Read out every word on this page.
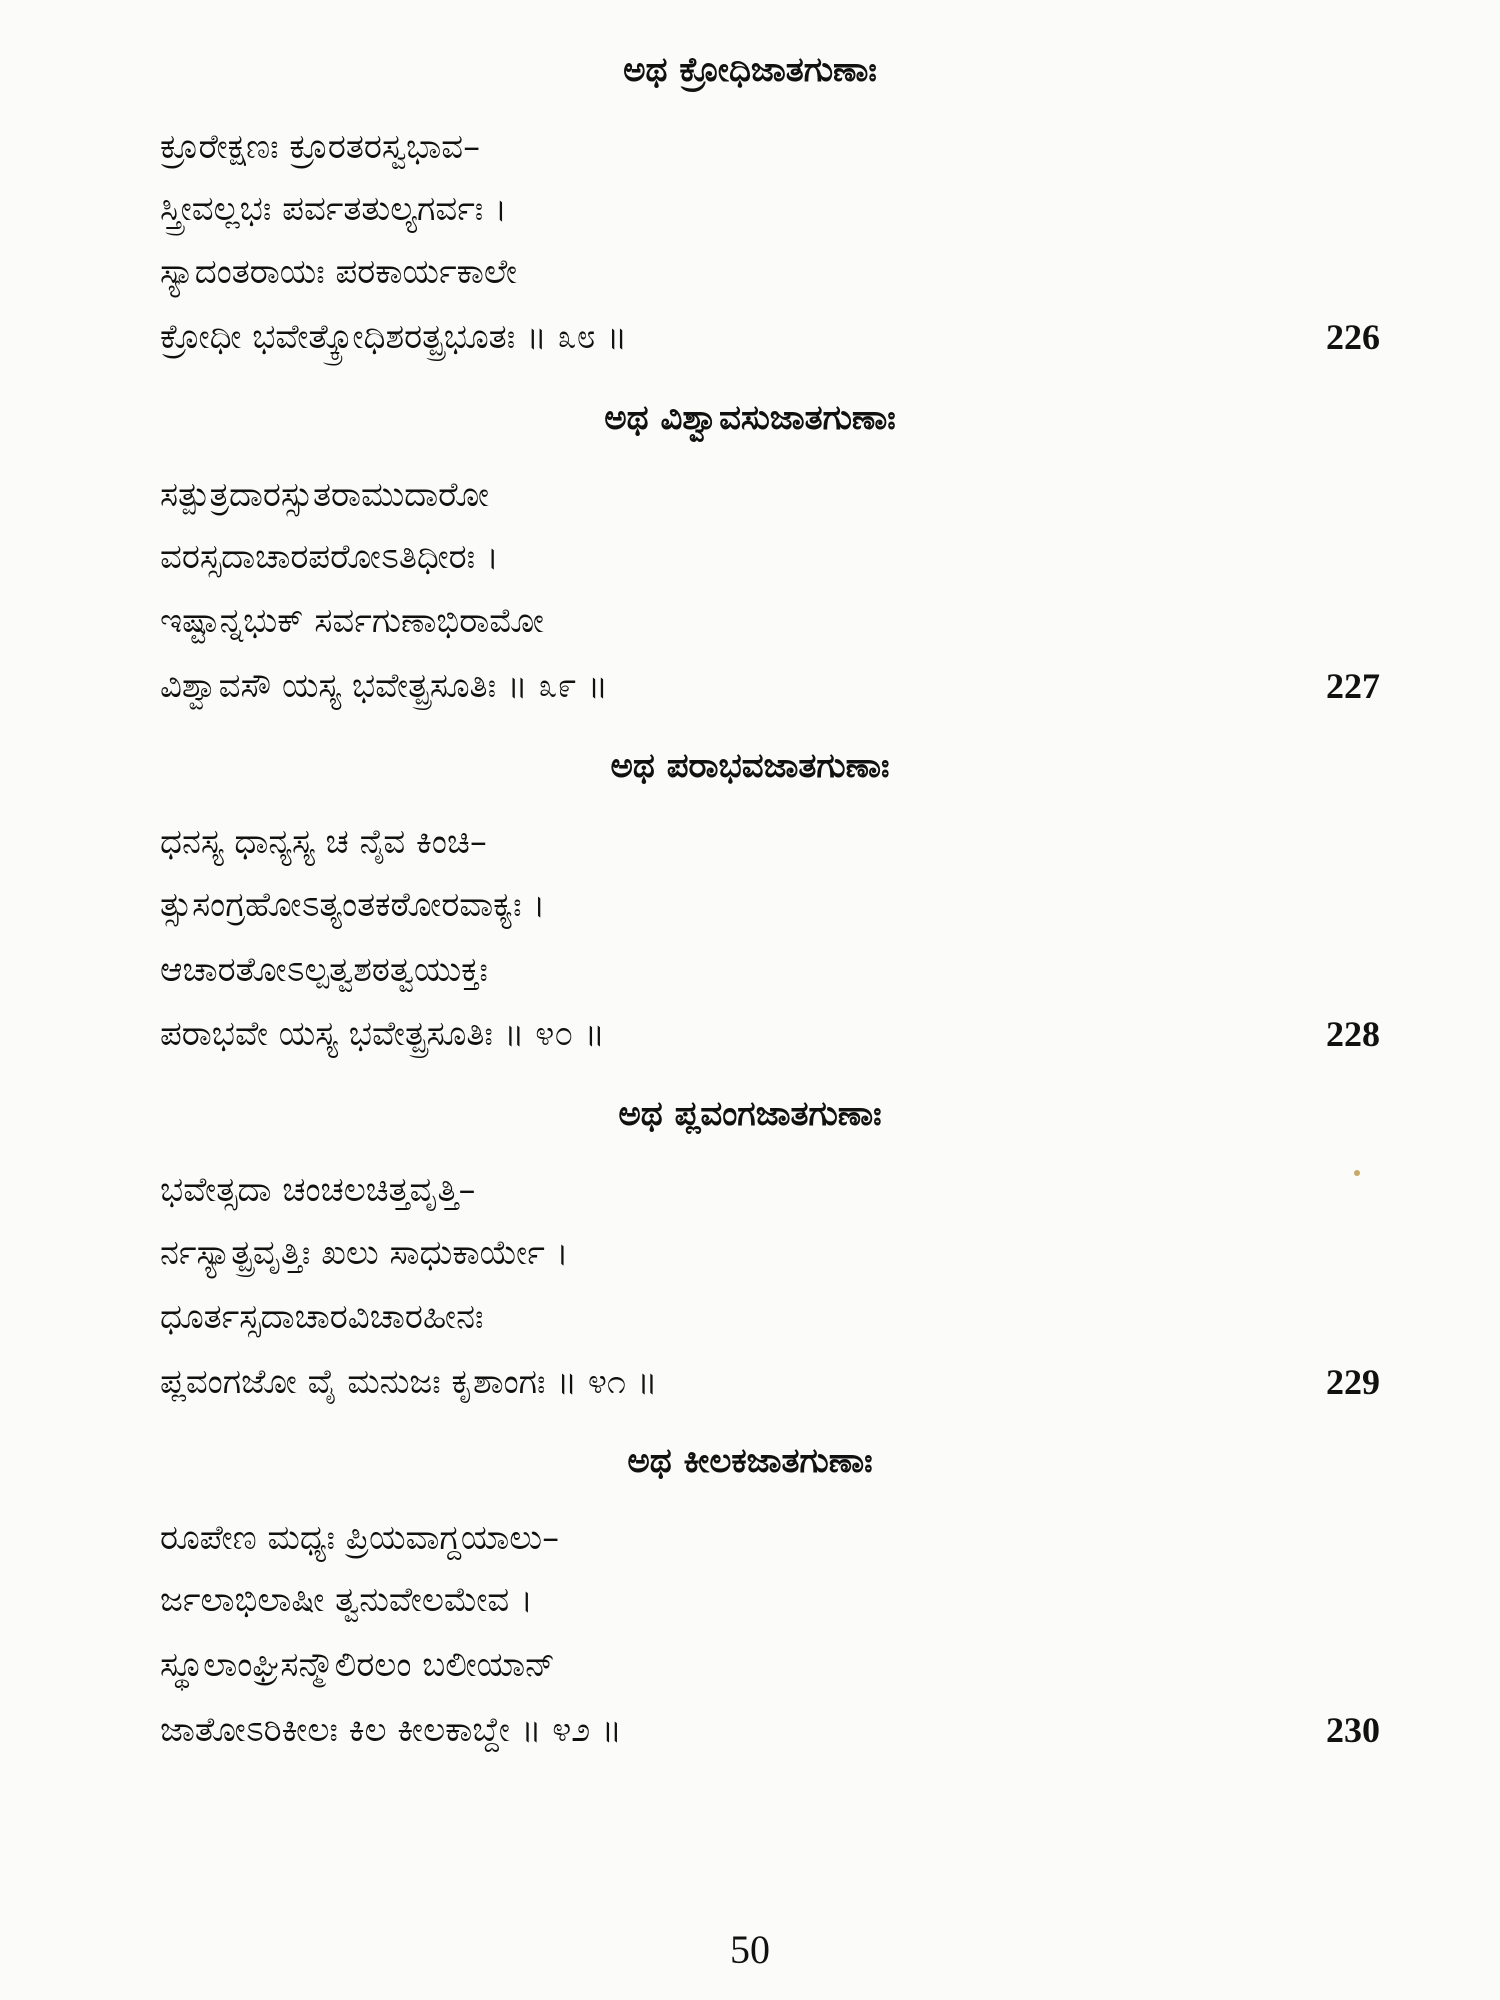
ಅಥ ಕ್ರೋಧಿಜಾತಗುಣಾಃ
ಕ್ರೂರೇಕ್ಷಣಃ ಕ್ರೂರತರಸ್ವಭಾವ–
ಸ್ತ್ರೀವಲ್ಲಭಃ ಪರ್ವತತುಲ್ಯಗರ್ವಃ ।
ಸ್ಯಾದಂತರಾಯಃ ಪರಕಾರ್ಯಕಾಲೇ
ಕ್ರೋಧೀ ಭವೇತ್ಕ್ರೋಧಿಶರತ್ಪ್ರಭೂತಃ ॥ ೩೮ ॥	226
ಅಥ ವಿಶ್ವಾವಸುಜಾತಗುಣಾಃ
ಸತ್ಪುತ್ರದಾರಸ್ಸುತರಾಮುದಾರೋ
ವರಸ್ಸದಾಚಾರಪರೋಽತಿಧೀರಃ ।
ಇಷ್ಟಾನ್ನಭುಕ್ ಸರ್ವಗುಣಾಭಿರಾಮೋ
ವಿಶ್ವಾವಸೌ ಯಸ್ಯ ಭವೇತ್ಪ್ರಸೂತಿಃ ॥ ೩೯ ॥	227
ಅಥ ಪರಾಭವಜಾತಗುಣಾಃ
ಧನಸ್ಯ ಧಾನ್ಯಸ್ಯ ಚ ನೈವ ಕಿಂಚಿ–
ತ್ಸುಸಂಗ್ರಹೋಽತ್ಯಂತಕಠೋರವಾಕ್ಯಃ ।
ಆಚಾರತೋಽಲ್ಪತ್ವಶಠತ್ವಯುಕ್ತಃ
ಪರಾಭವೇ ಯಸ್ಯ ಭವೇತ್ಪ್ರಸೂತಿಃ ॥ ೪೦ ॥	228
ಅಥ ಪ್ಲವಂಗಜಾತಗುಣಾಃ
ಭವೇತ್ಸದಾ ಚಂಚಲಚಿತ್ತವೃತ್ತಿ–
ರ್ನಸ್ಯಾತ್ಪ್ರವೃತ್ತಿಃ ಖಲು ಸಾಧುಕಾರ್ಯೇ ।
ಧೂರ್ತಸ್ಸದಾಚಾರವಿಚಾರಹೀನಃ
ಪ್ಲವಂಗಜೋ ವೈ ಮನುಜಃ ಕೃಶಾಂಗಃ ॥ ೪೧ ॥	229
ಅಥ ಕೀಲಕಜಾತಗುಣಾಃ
ರೂಪೇಣ ಮಧ್ಯಃ ಪ್ರಿಯವಾಗ್ದಯಾಲು–
ರ್ಜಲಾಭಿಲಾಷೀ ತ್ವನುವೇಲಮೇವ ।
ಸ್ಥೂಲಾಂಘ್ರಿಸನ್ಮೌಲಿರಲಂ ಬಲೀಯಾನ್
ಜಾತೋಽರಿಕೀಲಃ ಕಿಲ ಕೀಲಕಾಬ್ದೇ ॥ ೪೨ ॥	230
50
